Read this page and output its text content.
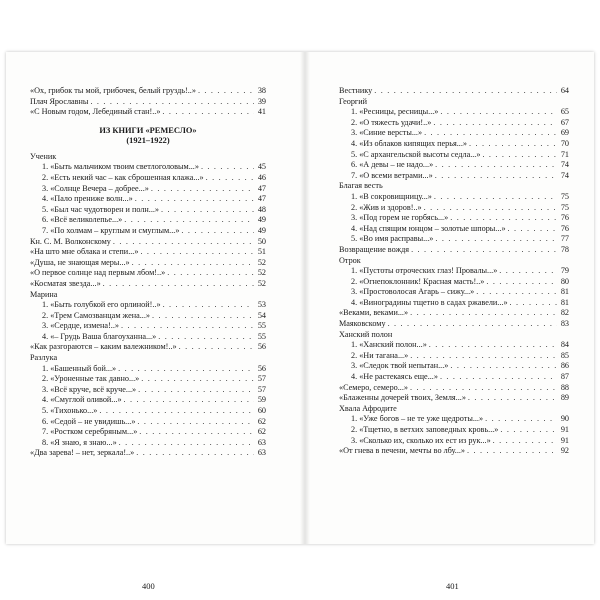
«Ох, грибок ты мой, грибочек, белый груздь!..» . . .	38
Плач Ярославны . . .	39
«С Новым годом, Лебединый стан!..» . . .	41
ИЗ КНИГИ «РЕМЕСЛО»
(1921–1922)
Ученик
1. «Быть мальчиком твоим светлоголовым...» . . .	45
2. «Есть некий час – как сброшенная клажа...» . . .	46
3. «Солнце Вечера – добрее...» . . .	47
4. «Пало прениже волн...» . . .	47
5. «Был час чудотворен и полн...» . . .	48
6. «Всё великолепье...» . . .	49
7. «По холмам – круглым и смуглым...» . . .	49
Кн. С. М. Волконскому . . .	50
«На што мне облака и степи...» . . .	51
«Душа, не знающая меры...» . . .	52
«О первое солнце над первым лбом!..» . . .	52
«Косматая звезда...» . . .	52
Марина
1. «Быть голубкой его орлиной!..» . . .	53
2. «Трем Самозванцам жена...» . . .	54
3. «Сердце, измена!..» . . .	55
4. «– Грудь Ваша благоуханна...» . . .	55
«Как разгораются – каким валежником!..» . . .	56
Разлука
1. «Башенный бой...» . . .	56
2. «Уроненные так давно...» . . .	57
3. «Всё круче, всё круче...» . . .	57
4. «Смуглой оливой...» . . .	59
5. «Тихонько...» . . .	60
6. «Седой – не увидишь...» . . .	62
7. «Ростком серебряным...» . . .	62
8. «Я знаю, я знаю...» . . .	63
«Два зарева! – нет, зеркала!..» . . .	63
Вестнику . . .	64
Георгий
1. «Ресницы, ресницы...» . . .	65
2. «О тяжесть удачи!..» . . .	67
3. «Синие версты...» . . .	69
4. «Из облаков кипящих перья...» . . .	70
5. «С архангельской высоты седла...» . . .	71
6. «А девы – не надо...» . . .	74
7. «О всеми ветрами...» . . .	74
Благая весть
1. «В сокровищницу...» . . .	75
2. «Жив и здоров!..» . . .	75
3. «Под горем не горбясь...» . . .	76
4. «Над спящим юнцом – золотые шпоры...» . . .	76
5. «Во имя расправы...» . . .	77
Возвращение вождя . . .	78
Отрок
1. «Пустоты отроческих глаз! Провалы...» . . .	79
2. «Огнепоклонник! Красная масть!..» . . .	80
3. «Простоволосая Агарь – сижу...» . . .	81
4. «Виноградины тщетно в садах ржавели...» . . .	81
«Веками, веками...» . . .	82
Маяковскому . . .	83
Ханский полон
1. «Ханский полон...» . . .	84
2. «Ни тагана...» . . .	85
3. «Следок твой непытан...» . . .	86
4. «Не растекаясь еще...» . . .	87
«Семеро, семеро...» . . .	88
«Блаженны дочерей твоих, Земля...» . . .	89
Хвала Афродите
1. «Уже богов – не те уже щедроты...» . . .	90
2. «Тщетно, в ветхих заповедных кровь...» . . .	91
3. «Сколько их, сколько их ест из рук...» . . .	91
«От гнева в печени, мечты во лбу...» . . .	92
400	401
